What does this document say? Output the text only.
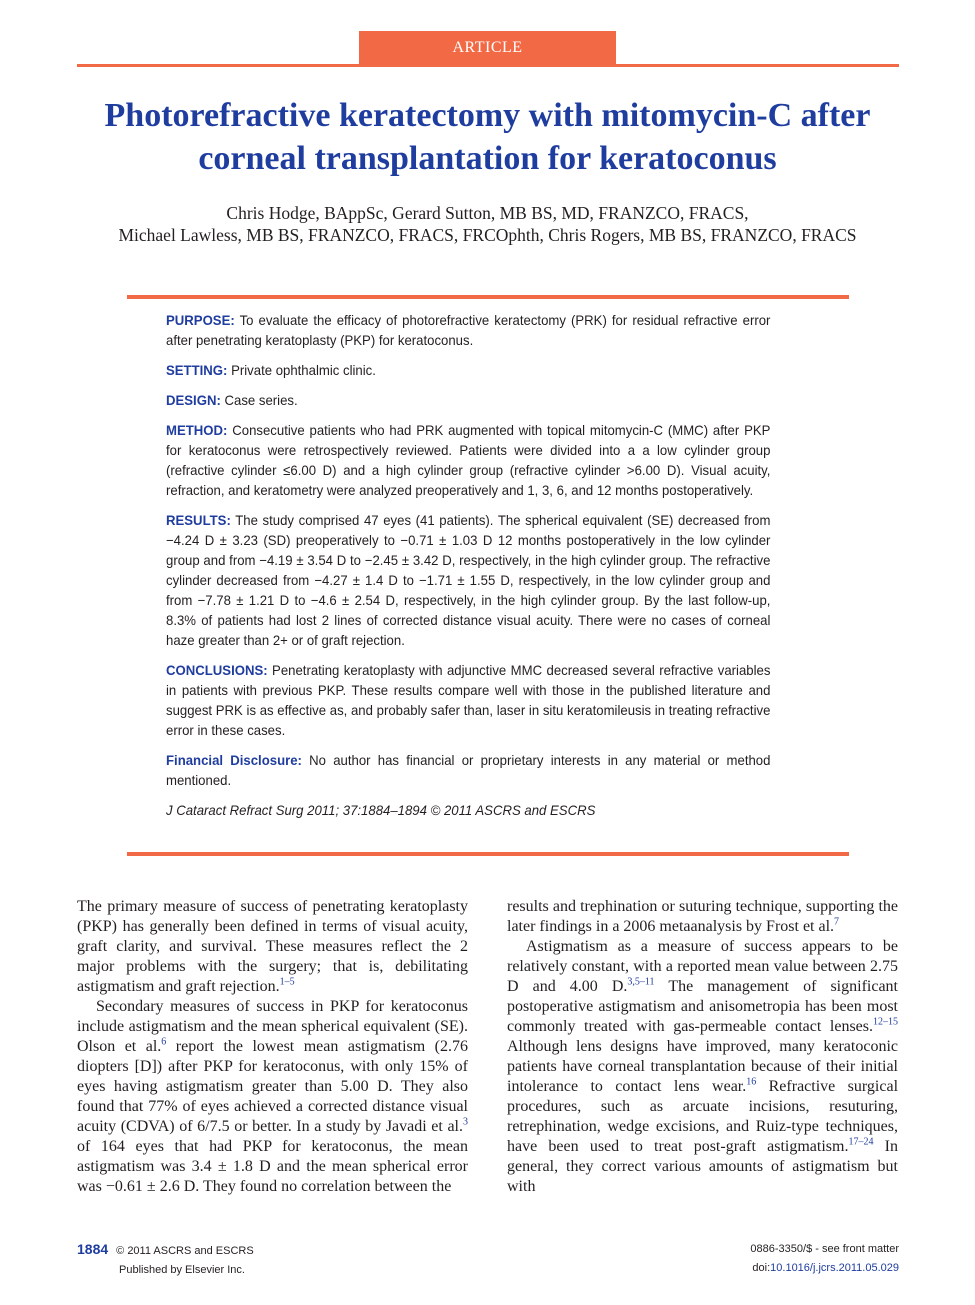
ARTICLE
Photorefractive keratectomy with mitomycin-C after corneal transplantation for keratoconus
Chris Hodge, BAppSc, Gerard Sutton, MB BS, MD, FRANZCO, FRACS,
Michael Lawless, MB BS, FRANZCO, FRACS, FRCOphth, Chris Rogers, MB BS, FRANZCO, FRACS

PURPOSE: To evaluate the efficacy of photorefractive keratectomy (PRK) for residual refractive error after penetrating keratoplasty (PKP) for keratoconus.

SETTING: Private ophthalmic clinic.

DESIGN: Case series.

METHOD: Consecutive patients who had PRK augmented with topical mitomycin-C (MMC) after PKP for keratoconus were retrospectively reviewed. Patients were divided into a a low cylinder group (refractive cylinder ≤6.00 D) and a high cylinder group (refractive cylinder >6.00 D). Visual acuity, refraction, and keratometry were analyzed preoperatively and 1, 3, 6, and 12 months postoperatively.

RESULTS: The study comprised 47 eyes (41 patients). The spherical equivalent (SE) decreased from −4.24 D ± 3.23 (SD) preoperatively to −0.71 ± 1.03 D 12 months postoperatively in the low cylinder group and from −4.19 ± 3.54 D to −2.45 ± 3.42 D, respectively, in the high cylinder group. The refractive cylinder decreased from −4.27 ± 1.4 D to −1.71 ± 1.55 D, respectively, in the low cylinder group and from −7.78 ± 1.21 D to −4.6 ± 2.54 D, respectively, in the high cylinder group. By the last follow-up, 8.3% of patients had lost 2 lines of corrected distance visual acuity. There were no cases of corneal haze greater than 2+ or of graft rejection.

CONCLUSIONS: Penetrating keratoplasty with adjunctive MMC decreased several refractive variables in patients with previous PKP. These results compare well with those in the published literature and suggest PRK is as effective as, and probably safer than, laser in situ keratomileusis in treating refractive error in these cases.

Financial Disclosure: No author has financial or proprietary interests in any material or method mentioned.

J Cataract Refract Surg 2011; 37:1884–1894 © 2011 ASCRS and ESCRS

The primary measure of success of penetrating keratoplasty (PKP) has generally been defined in terms of visual acuity, graft clarity, and survival. These measures reflect the 2 major problems with the surgery; that is, debilitating astigmatism and graft rejection.$^{1-5}$

Secondary measures of success in PKP for keratoconus include astigmatism and the mean spherical equivalent (SE). Olson et al.$^6$ report the lowest mean astigmatism (2.76 diopters [D]) after PKP for keratoconus, with only 15% of eyes having astigmatism greater than 5.00 D. They also found that 77% of eyes achieved a corrected distance visual acuity (CDVA) of 6/7.5 or better. In a study by Javadi et al.$^3$ of 164 eyes that had PKP for keratoconus, the mean astigmatism was 3.4 ± 1.8 D and the mean spherical error was −0.61 ± 2.6 D. They found no correlation between the

results and trephination or suturing technique, supporting the later findings in a 2006 metaanalysis by Frost et al.$^7$

Astigmatism as a measure of success appears to be relatively constant, with a reported mean value between 2.75 D and 4.00 D.$^{3,5-11}$ The management of significant postoperative astigmatism and anisometropia has been most commonly treated with gas-permeable contact lenses.$^{12-15}$ Although lens designs have improved, many keratoconic patients have corneal transplantation because of their initial intolerance to contact lens wear.$^{16}$ Refractive surgical procedures, such as arcuate incisions, resuturing, retrephination, wedge excisions, and Ruiz-type techniques, have been used to treat post-graft astigmatism.$^{17-24}$ In general, they correct various amounts of astigmatism but with

1884 © 2011 ASCRS and ESCRS
Published by Elsevier Inc.
0886-3350/$ - see front matter
doi:10.1016/j.jcrs.2011.05.029
